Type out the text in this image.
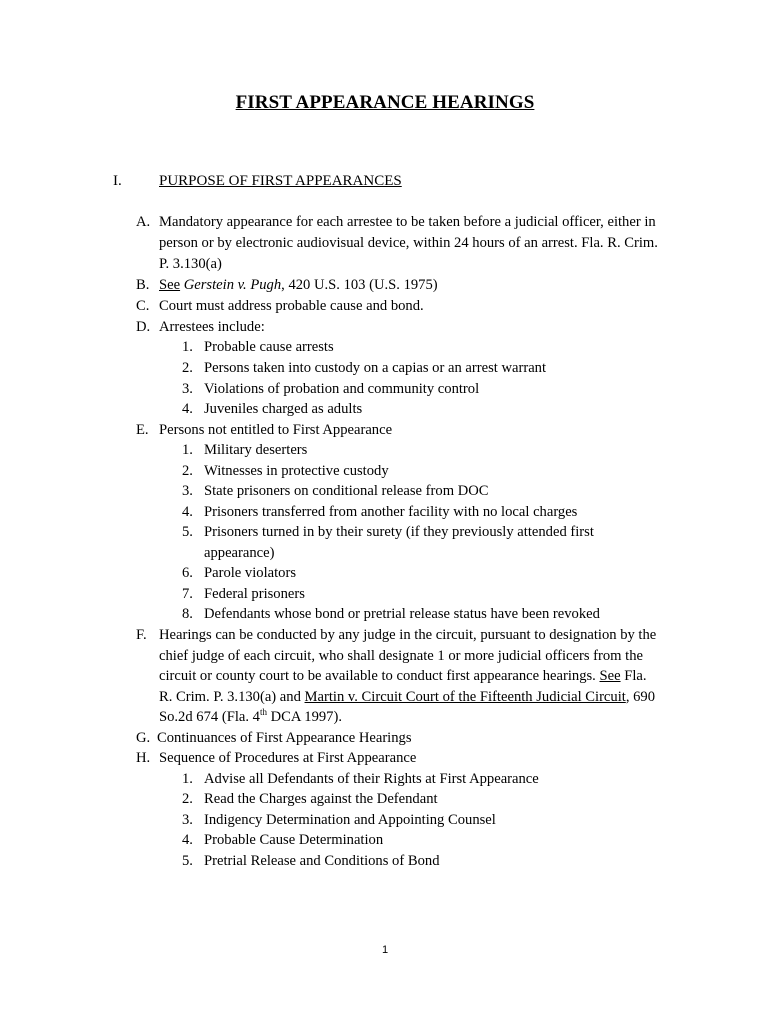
FIRST APPEARANCE HEARINGS
I. PURPOSE OF FIRST APPEARANCES
A. Mandatory appearance for each arrestee to be taken before a judicial officer, either in
person or by electronic audiovisual device, within 24 hours of an arrest. Fla. R. Crim.
P. 3.130(a)
B. See Gerstein v. Pugh, 420 U.S. 103 (U.S. 1975)
C. Court must address probable cause and bond.
D. Arrestees include:
1. Probable cause arrests
2. Persons taken into custody on a capias or an arrest warrant
3. Violations of probation and community control
4. Juveniles charged as adults
E. Persons not entitled to First Appearance
1. Military deserters
2. Witnesses in protective custody
3. State prisoners on conditional release from DOC
4. Prisoners transferred from another facility with no local charges
5. Prisoners turned in by their surety (if they previously attended first
appearance)
6. Parole violators
7. Federal prisoners
8. Defendants whose bond or pretrial release status have been revoked
F. Hearings can be conducted by any judge in the circuit, pursuant to designation by the
chief judge of each circuit, who shall designate 1 or more judicial officers from the
circuit or county court to be available to conduct first appearance hearings. See Fla.
R. Crim. P. 3.130(a) and Martin v. Circuit Court of the Fifteenth Judicial Circuit, 690
So.2d 674 (Fla. 4th DCA 1997).
G. Continuances of First Appearance Hearings
H. Sequence of Procedures at First Appearance
1. Advise all Defendants of their Rights at First Appearance
2. Read the Charges against the Defendant
3. Indigency Determination and Appointing Counsel
4. Probable Cause Determination
5. Pretrial Release and Conditions of Bond
1
